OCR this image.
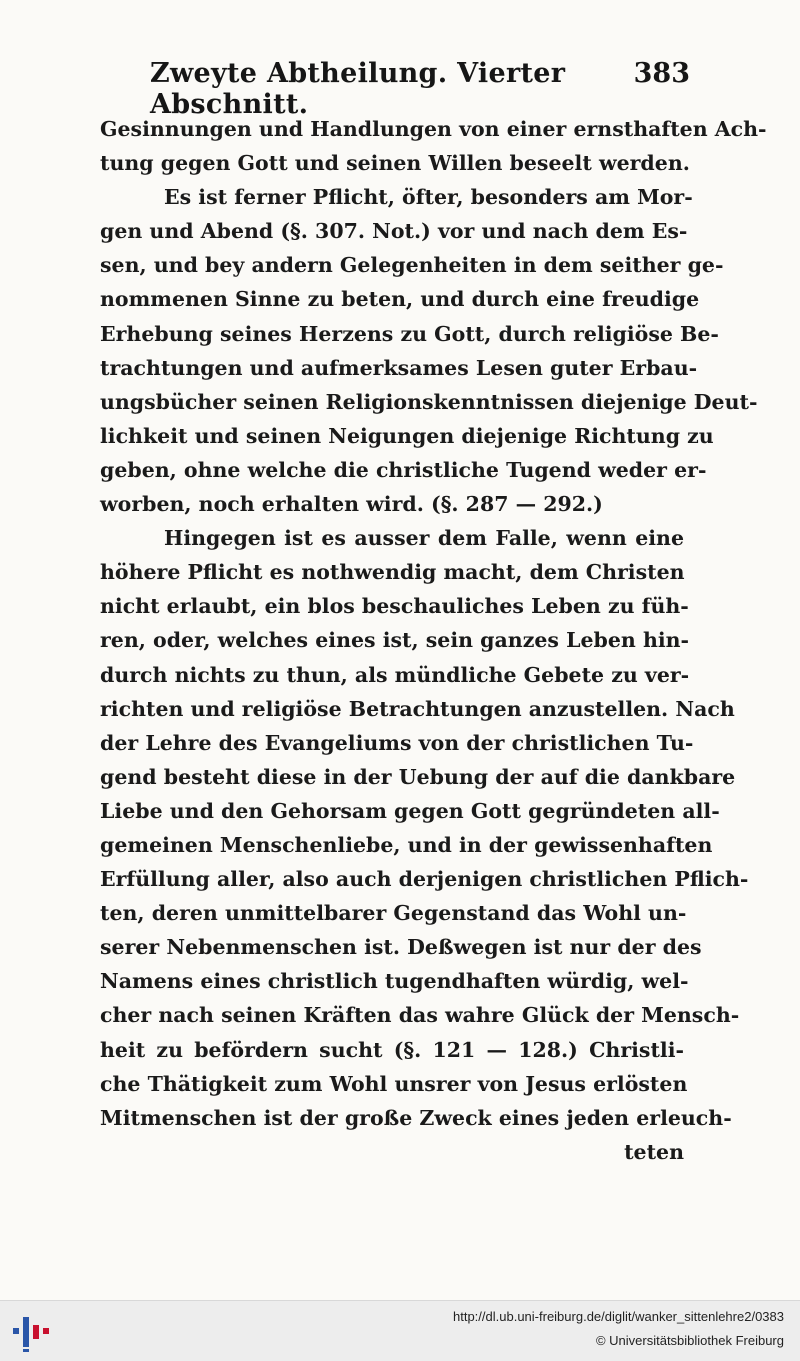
Zweyte Abtheilung. Vierter Abschnitt.
383
Gesinnungen und Handlungen von einer ernsthaften Ach-
tung gegen Gott und seinen Willen beseelt werden.
Es ist ferner Pflicht, öfter, besonders am Mor-
gen und Abend (§. 307. Not.) vor und nach dem Es-
sen, und bey andern Gelegenheiten in dem seither ge-
nommenen Sinne zu beten, und durch eine freudige
Erhebung seines Herzens zu Gott, durch religiöse Be-
trachtungen und aufmerksames Lesen guter Erbau-
ungsbücher seinen Religionskenntnissen diejenige Deut-
lichkeit und seinen Neigungen diejenige Richtung zu
geben, ohne welche die christliche Tugend weder er-
worben, noch erhalten wird. (§. 287 — 292.)
Hingegen ist es ausser dem Falle, wenn eine
höhere Pflicht es nothwendig macht, dem Christen
nicht erlaubt, ein blos beschauliches Leben zu füh-
ren, oder, welches eines ist, sein ganzes Leben hin-
durch nichts zu thun, als mündliche Gebete zu ver-
richten und religiöse Betrachtungen anzustellen. Nach
der Lehre des Evangeliums von der christlichen Tu-
gend besteht diese in der Uebung der auf die dankbare
Liebe und den Gehorsam gegen Gott gegründeten all-
gemeinen Menschenliebe, und in der gewissenhaften
Erfüllung aller, also auch derjenigen christlichen Pflich-
ten, deren unmittelbarer Gegenstand das Wohl un-
serer Nebenmenschen ist. Deßwegen ist nur der des
Namens eines christlich tugendhaften würdig, wel-
cher nach seinen Kräften das wahre Glück der Mensch-
heit zu befördern sucht (§. 121 — 128.) Christli-
che Thätigkeit zum Wohl unsrer von Jesus erlösten
Mitmenschen ist der große Zweck eines jeden erleuch-
teten
http://dl.ub.uni-freiburg.de/diglit/wanker_sittenlehre2/0383
© Universitätsbibliothek Freiburg
